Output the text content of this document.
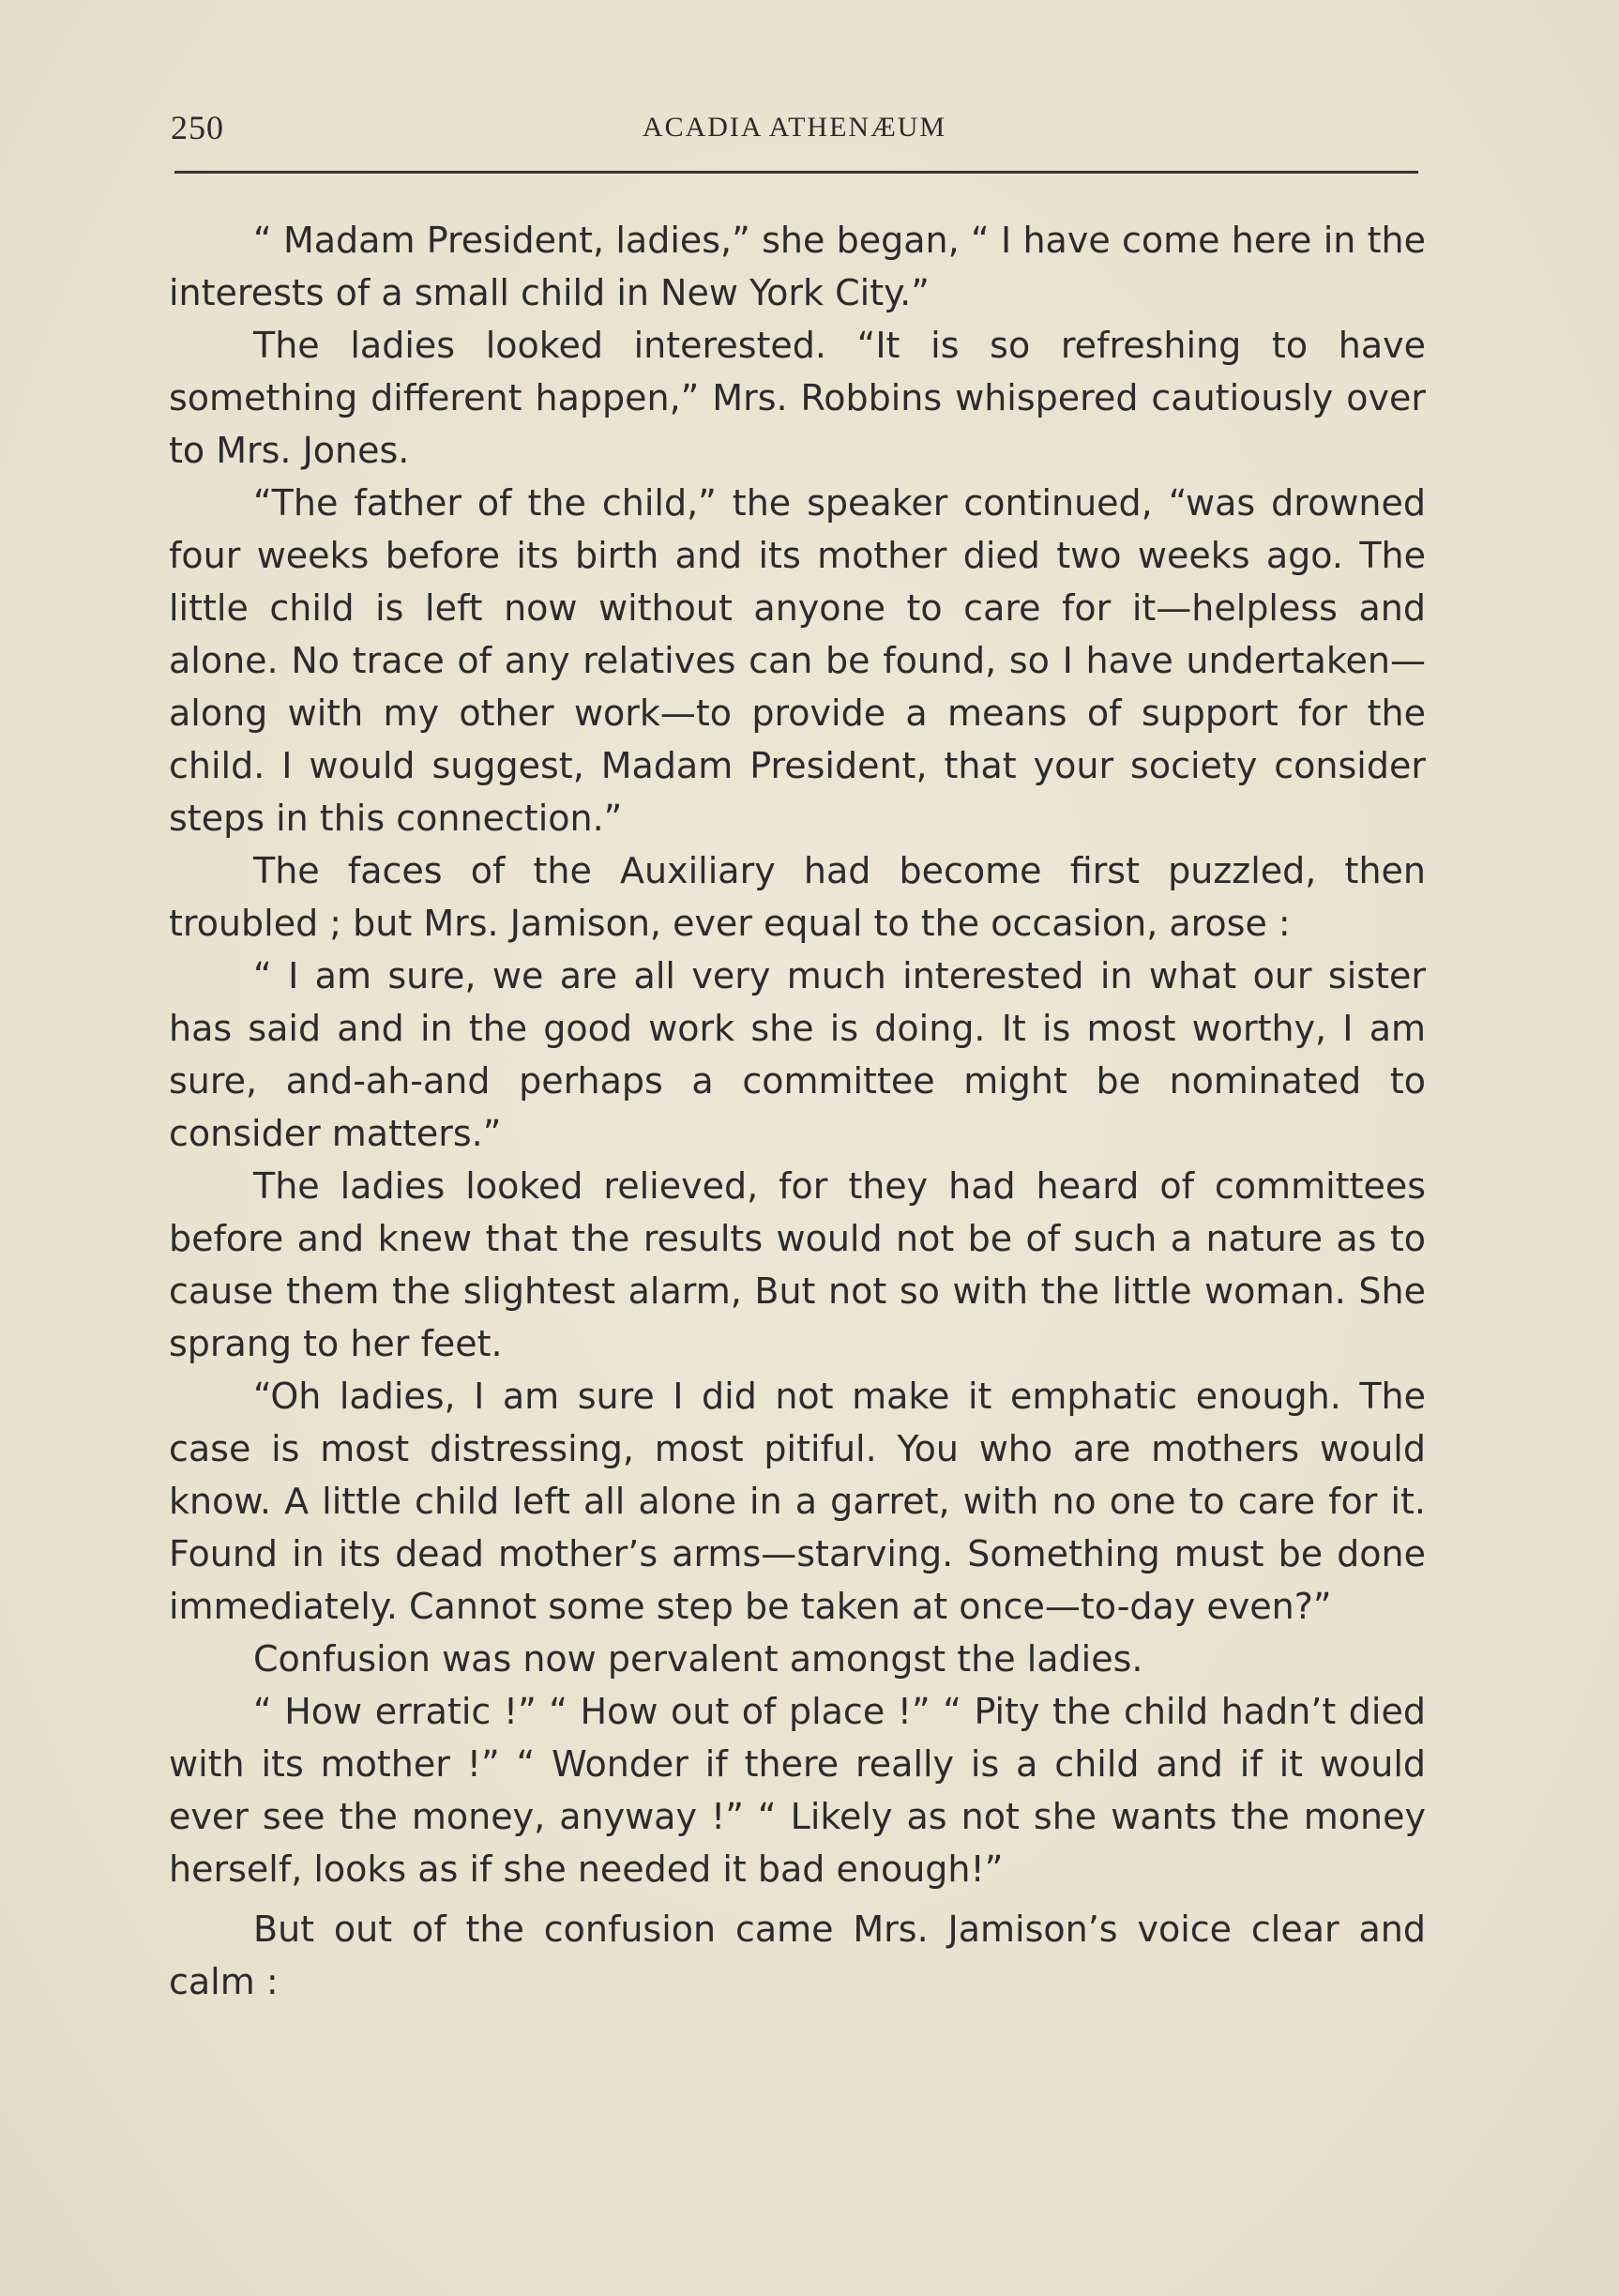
250	ACADIA ATHENÆUM

“ Madam President, ladies,” she began, “ I have come here in the interests of a small child in New York City.”

The ladies looked interested. “It is so refreshing to have something different happen,” Mrs. Robbins whispered cautiously over to Mrs. Jones.

“The father of the child,” the speaker continued, “was drowned four weeks before its birth and its mother died two weeks ago. The little child is left now without anyone to care for it—helpless and alone. No trace of any relatives can be found, so I have undertaken—along with my other work—to provide a means of support for the child. I would suggest, Madam President, that your society consider steps in this connection.”

The faces of the Auxiliary had become first puzzled, then troubled ; but Mrs. Jamison, ever equal to the occasion, arose :

“ I am sure, we are all very much interested in what our sister has said and in the good work she is doing. It is most worthy, I am sure, and-ah-and perhaps a committee might be nominated to consider matters.”

The ladies looked relieved, for they had heard of committees before and knew that the results would not be of such a nature as to cause them the slightest alarm, But not so with the little woman. She sprang to her feet.

“Oh ladies, I am sure I did not make it emphatic enough. The case is most distressing, most pitiful. You who are mothers would know. A little child left all alone in a garret, with no one to care for it. Found in its dead mother’s arms—starving. Something must be done immediately. Cannot some step be taken at once—to-day even?”

Confusion was now pervalent amongst the ladies.

“ How erratic !” “ How out of place !” “ Pity the child hadn’t died with its mother !” “ Wonder if there really is a child and if it would ever see the money, anyway !” “ Likely as not she wants the money herself, looks as if she needed it bad enough!”

But out of the confusion came Mrs. Jamison’s voice clear and calm :
